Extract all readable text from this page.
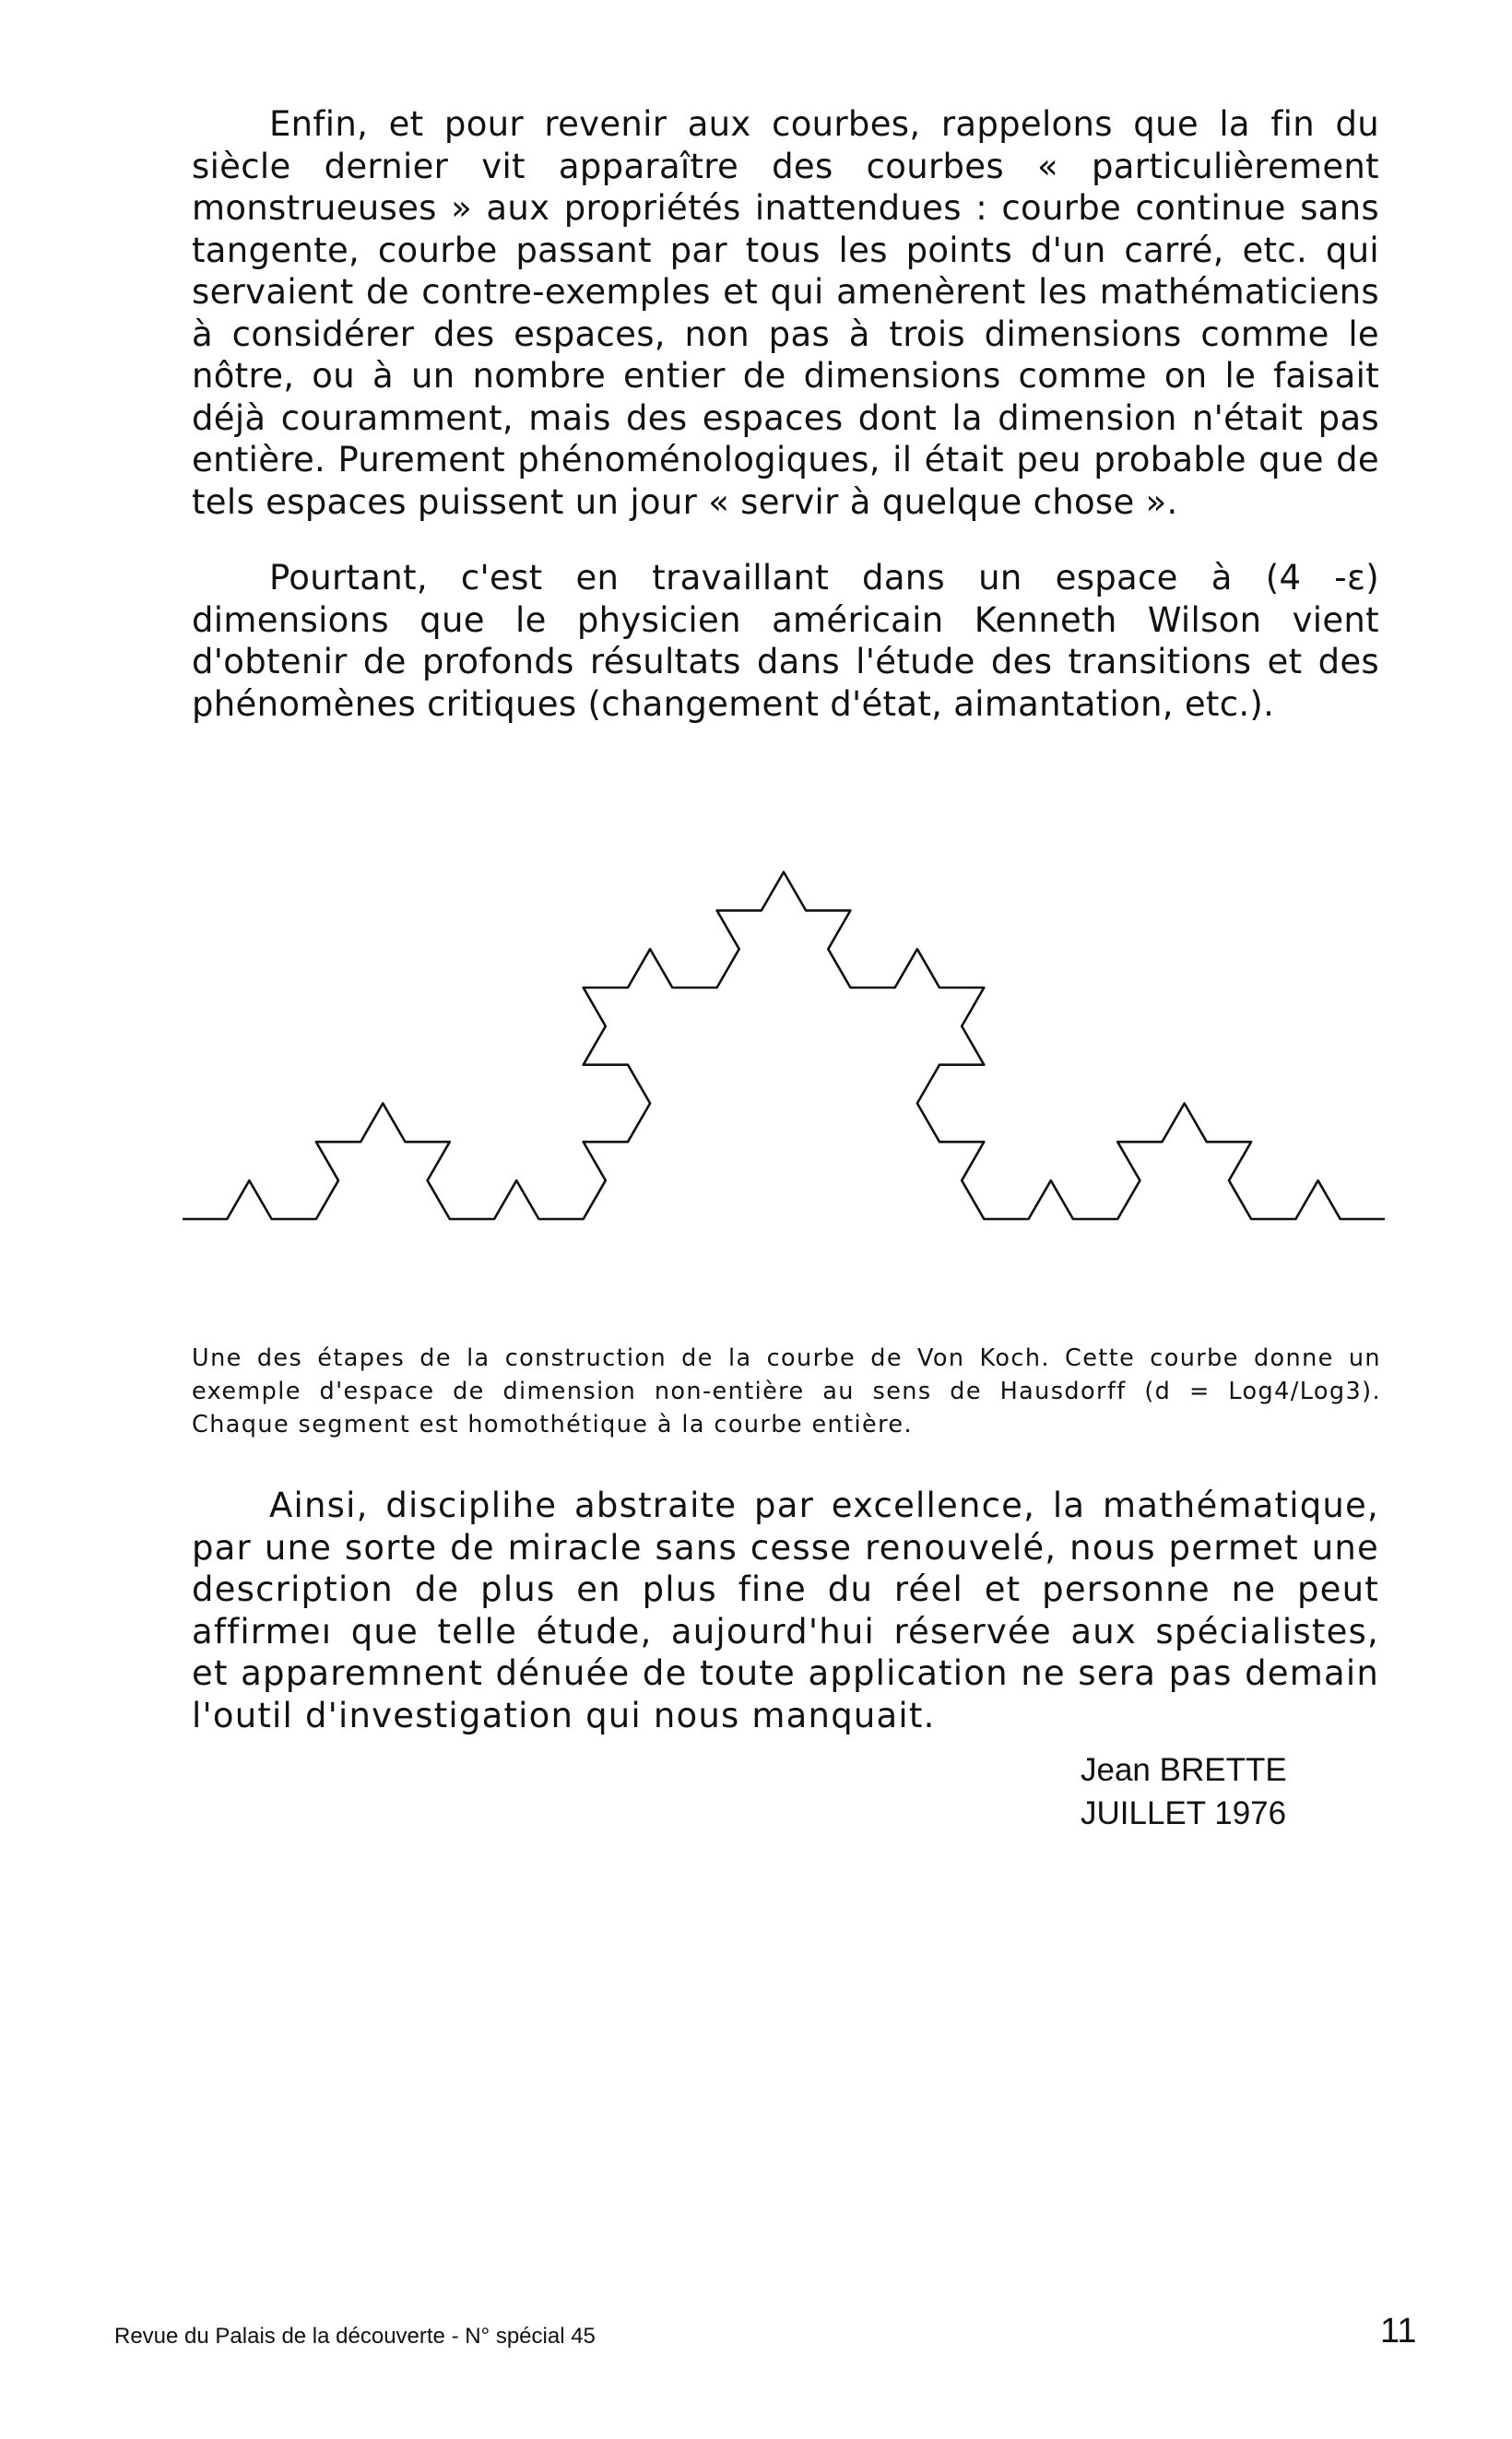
Enfin, et pour revenir aux courbes, rappelons que la fin du siècle dernier vit apparaître des courbes « particulièrement monstrueuses » aux propriétés inattendues : courbe continue sans tangente, courbe passant par tous les points d'un carré, etc. qui servaient de contre-exemples et qui amenèrent les mathématiciens à considérer des espaces, non pas à trois dimensions comme le nôtre, ou à un nombre entier de dimensions comme on le faisait déjà couramment, mais des espaces dont la dimension n'était pas entière. Purement phénoménologiques, il était peu probable que de tels espaces puissent un jour « servir à quelque chose ».

Pourtant, c'est en travaillant dans un espace à (4 -ε) dimensions que le physicien américain Kenneth Wilson vient d'obtenir de profonds résultats dans l'étude des transitions et des phénomènes critiques (changement d'état, aimantation, etc.).

Une des étapes de la construction de la courbe de Von Koch. Cette courbe donne un exemple d'espace de dimension non-entière au sens de Hausdorff (d = Log4/Log3). Chaque segment est homothétique à la courbe entière.

Ainsi, disciplihe abstraite par excellence, la mathématique, par une sorte de miracle sans cesse renouvelé, nous permet une description de plus en plus fine du réel et personne ne peut affirmeı que telle étude, aujourd'hui réservée aux spécialistes, et apparemnent dénuée de toute application ne sera pas demain l'outil d'investigation qui nous manquait.

Jean BRETTE

JUILLET 1976

Revue du Palais de la découverte - N° spécial 45	11
